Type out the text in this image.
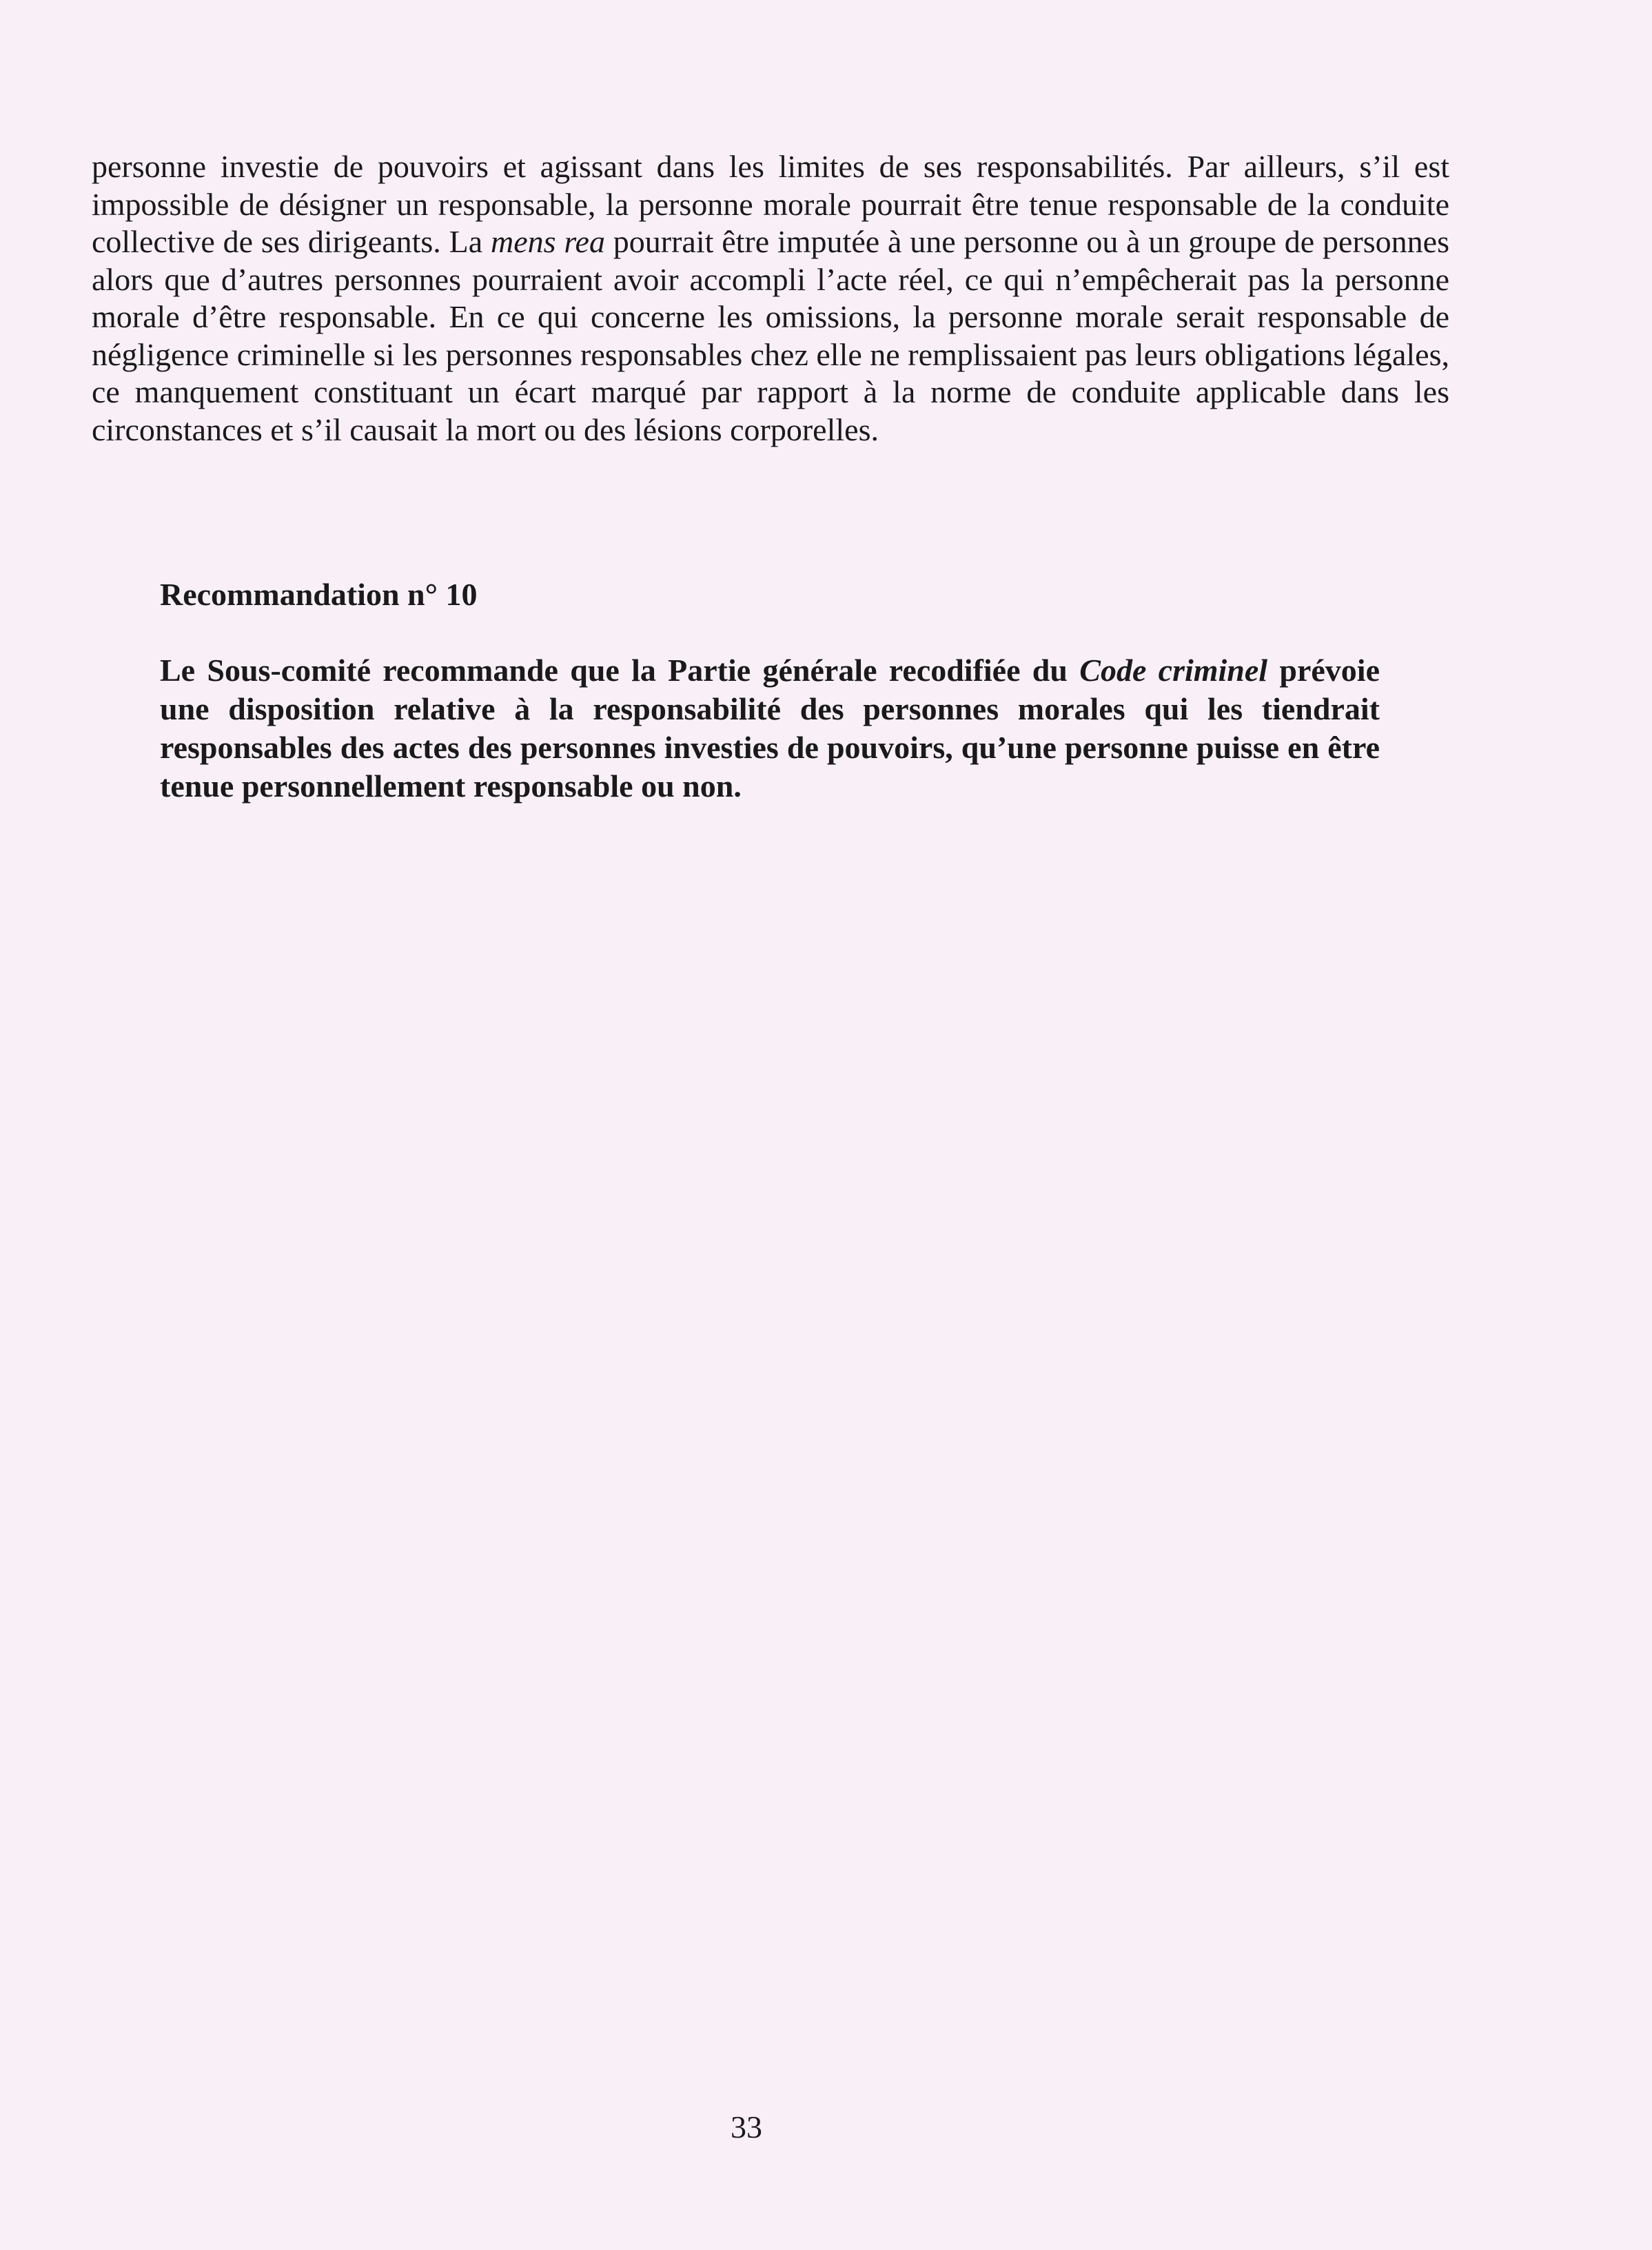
personne investie de pouvoirs et agissant dans les limites de ses responsabilités. Par ailleurs, s’il est impossible de désigner un responsable, la personne morale pourrait être tenue responsable de la conduite collective de ses dirigeants. La mens rea pourrait être imputée à une personne ou à un groupe de personnes alors que d’autres personnes pourraient avoir accompli l’acte réel, ce qui n’empêcherait pas la personne morale d’être responsable. En ce qui concerne les omissions, la personne morale serait responsable de négligence criminelle si les personnes responsables chez elle ne remplissaient pas leurs obligations légales, ce manquement constituant un écart marqué par rapport à la norme de conduite applicable dans les circonstances et s’il causait la mort ou des lésions corporelles.

Recommandation n° 10

Le Sous-comité recommande que la Partie générale recodifiée du Code criminel prévoie une disposition relative à la responsabilité des personnes morales qui les tiendrait responsables des actes des personnes investies de pouvoirs, qu’une personne puisse en être tenue personnellement responsable ou non.

33
